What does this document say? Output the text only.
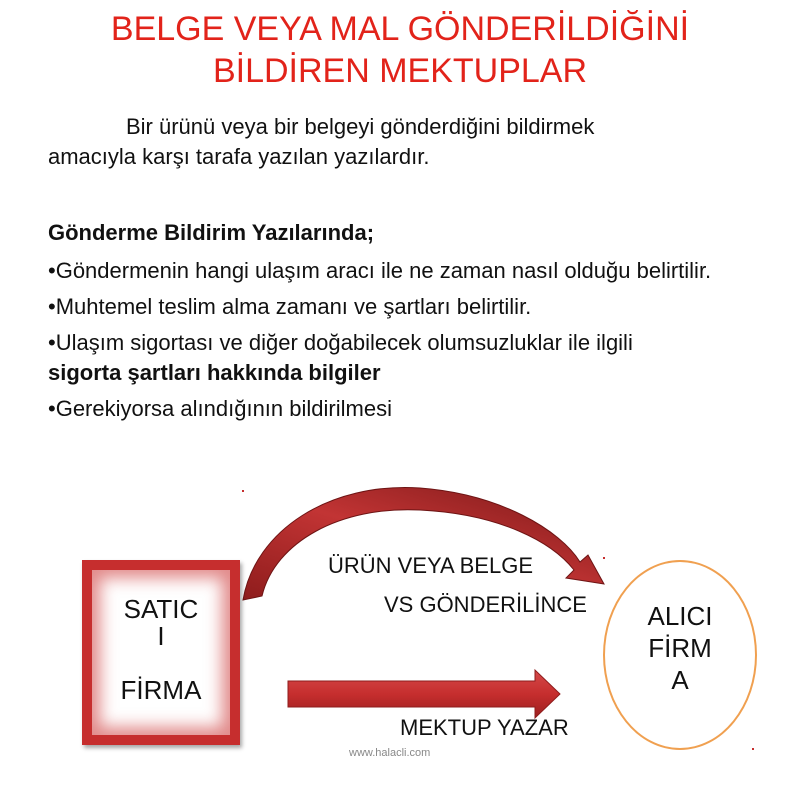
BELGE VEYA MAL GÖNDERİLDİĞİNİ
BİLDİREN MEKTUPLAR

Bir ürünü veya bir belgeyi gönderdiğini bildirmek
amacıyla karşı tarafa yazılan yazılardır.

Gönderme Bildirim Yazılarında;

•Göndermenin hangi ulaşım aracı ile ne zaman nasıl olduğu belirtilir.
•Muhtemel teslim alma zamanı ve şartları belirtilir.
•Ulaşım sigortası ve diğer doğabilecek olumsuzluklar ile ilgili
sigorta şartları hakkında bilgiler
•Gerekiyorsa alındığının bildirilmesi
SATIC
I

FİRMA
ALICI
FİRM
A
ÜRÜN VEYA BELGE
VS GÖNDERİLİNCE
MEKTUP YAZAR
www.halacli.com
